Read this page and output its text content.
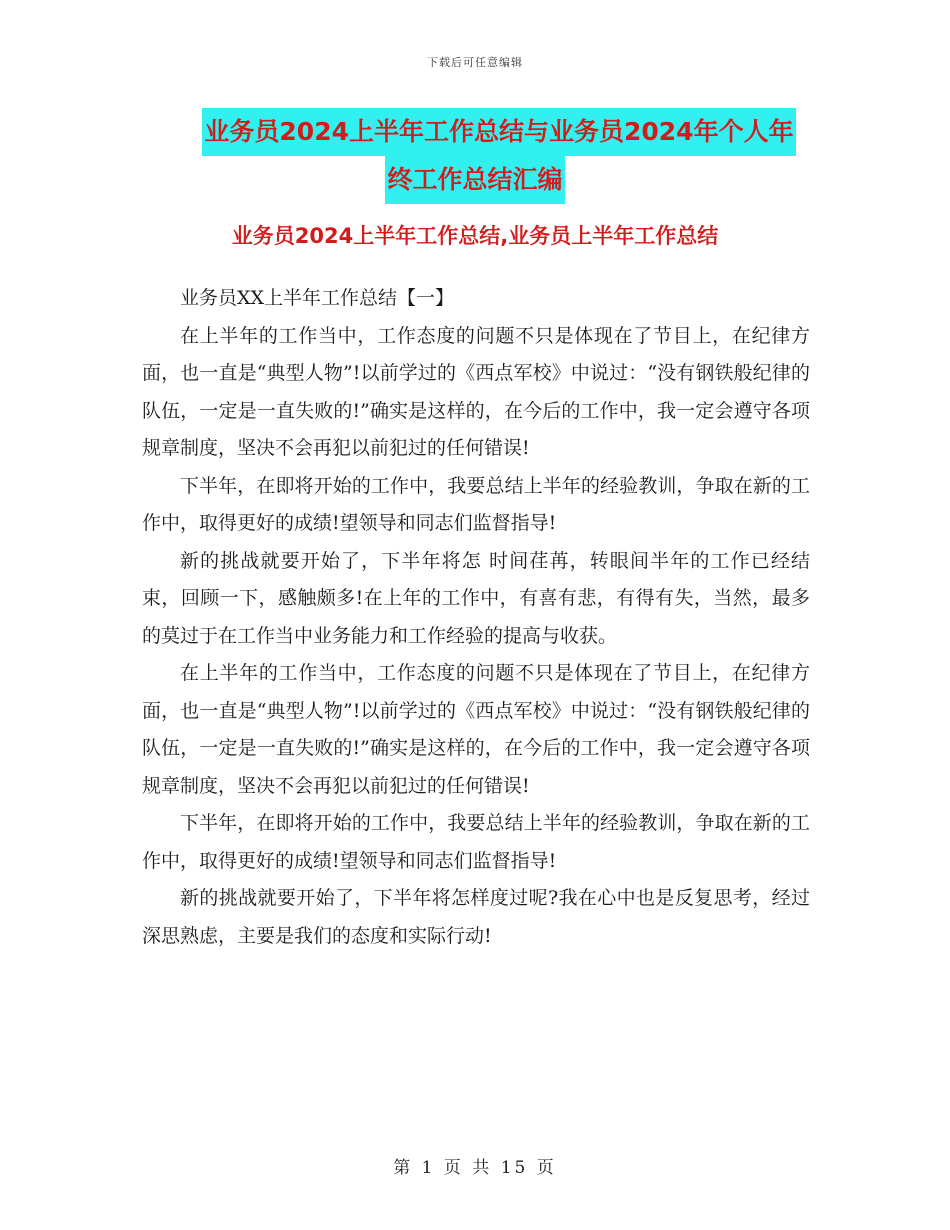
下载后可任意编辑
业务员2024上半年工作总结与业务员2024年个人年
终工作总结汇编
业务员2024上半年工作总结,业务员上半年工作总结

业务员XX上半年工作总结【一】

在上半年的工作当中，工作态度的问题不只是体现在了节目上，在纪律方面，也一直是“典型人物”!以前学过的《西点军校》中说过：“没有钢铁般纪律的队伍，一定是一直失败的!”确实是这样的，在今后的工作中，我一定会遵守各项规章制度，坚决不会再犯以前犯过的任何错误!

下半年，在即将开始的工作中，我要总结上半年的经验教训，争取在新的工作中，取得更好的成绩!望领导和同志们监督指导!

新的挑战就要开始了，下半年将怎 时间荏苒，转眼间半年的工作已经结束，回顾一下，感触颇多!在上年的工作中，有喜有悲，有得有失，当然，最多的莫过于在工作当中业务能力和工作经验的提高与收获。

在上半年的工作当中，工作态度的问题不只是体现在了节目上，在纪律方面，也一直是“典型人物”!以前学过的《西点军校》中说过：“没有钢铁般纪律的队伍，一定是一直失败的!”确实是这样的，在今后的工作中，我一定会遵守各项规章制度，坚决不会再犯以前犯过的任何错误!

下半年，在即将开始的工作中，我要总结上半年的经验教训，争取在新的工作中，取得更好的成绩!望领导和同志们监督指导!

新的挑战就要开始了，下半年将怎样度过呢?我在心中也是反复思考，经过深思熟虑，主要是我们的态度和实际行动!

第 1 页 共 15 页
